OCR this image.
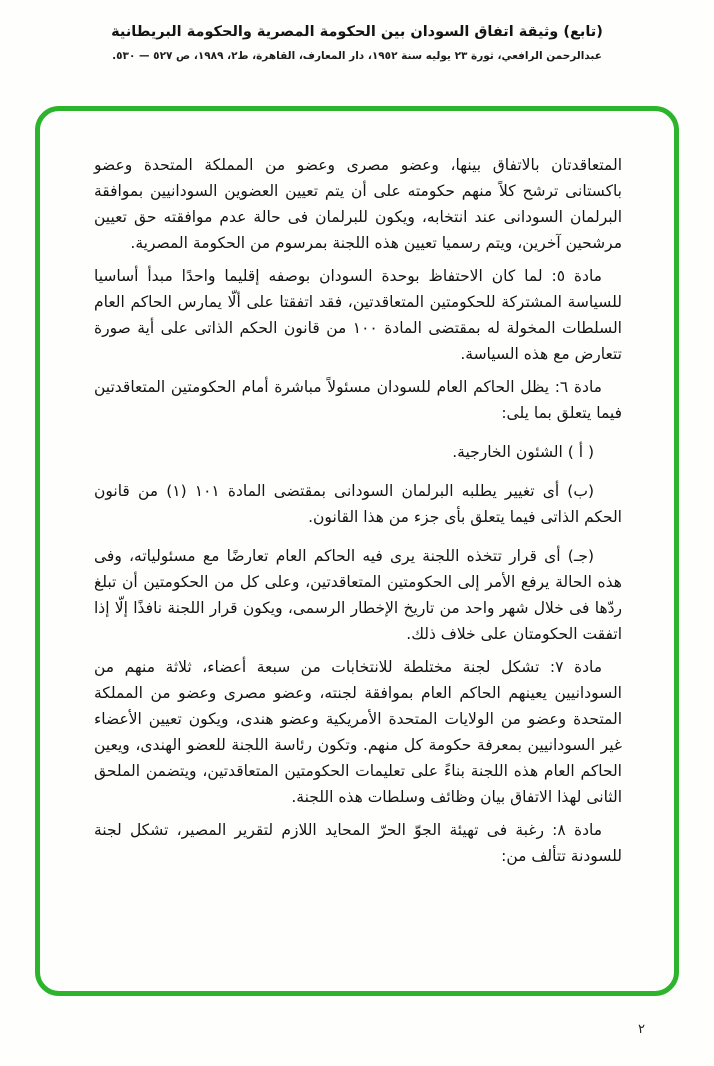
(تابع) وثيقة اتفاق السودان بين الحكومة المصرية والحكومة البريطانية
عبدالرحمن الرافعي، ثورة ٢٣ يوليه سنة ١٩٥٢، دار المعارف، القاهرة، ط٢، ١٩٨٩، ص ٥٢٧ — ٥٣٠.

المتعاقدتان بالاتفاق بينها، وعضو مصرى وعضو من المملكة المتحدة وعضو باكستانى ترشح كلاً منهم حكومته على أن يتم تعيين العضوين السودانيين بموافقة البرلمان السودانى عند انتخابه، ويكون للبرلمان فى حالة عدم موافقته حق تعيين مرشحين آخرين، ويتم رسميا تعيين هذه اللجنة بمرسوم من الحكومة المصرية.

مادة ٥: لما كان الاحتفاظ بوحدة السودان بوصفه إقليما واحدًا مبدأ أساسيا للسياسة المشتركة للحكومتين المتعاقدتين، فقد اتفقتا على ألّا يمارس الحاكم العام السلطات المخولة له بمقتضى المادة ١٠٠ من قانون الحكم الذاتى على أية صورة تتعارض مع هذه السياسة.

مادة ٦: يظل الحاكم العام للسودان مسئولاً مباشرة أمام الحكومتين المتعاقدتين فيما يتعلق بما يلى:

( أ ) الشئون الخارجية.

(ب) أى تغيير يطلبه البرلمان السودانى بمقتضى المادة ١٠١ (١) من قانون الحكم الذاتى فيما يتعلق بأى جزء من هذا القانون.

(جـ) أى قرار تتخذه اللجنة يرى فيه الحاكم العام تعارضًا مع مسئولياته، وفى هذه الحالة يرفع الأمر إلى الحكومتين المتعاقدتين، وعلى كل من الحكومتين أن تبلغ ردّها فى خلال شهر واحد من تاريخ الإخطار الرسمى، ويكون قرار اللجنة نافذًا إلّا إذا اتفقت الحكومتان على خلاف ذلك.

مادة ٧: تشكل لجنة مختلطة للانتخابات من سبعة أعضاء، ثلاثة منهم من السودانيين يعينهم الحاكم العام بموافقة لجنته، وعضو مصرى وعضو من المملكة المتحدة وعضو من الولايات المتحدة الأمريكية وعضو هندى، ويكون تعيين الأعضاء غير السودانيين بمعرفة حكومة كل منهم. وتكون رئاسة اللجنة للعضو الهندى، ويعين الحاكم العام هذه اللجنة بناءً على تعليمات الحكومتين المتعاقدتين، ويتضمن الملحق الثانى لهذا الاتفاق بيان وظائف وسلطات هذه اللجنة.

مادة ٨: رغبة فى تهيئة الجوّ الحرّ المحايد اللازم لتقرير المصير، تشكل لجنة للسودنة تتألف من:

٢
